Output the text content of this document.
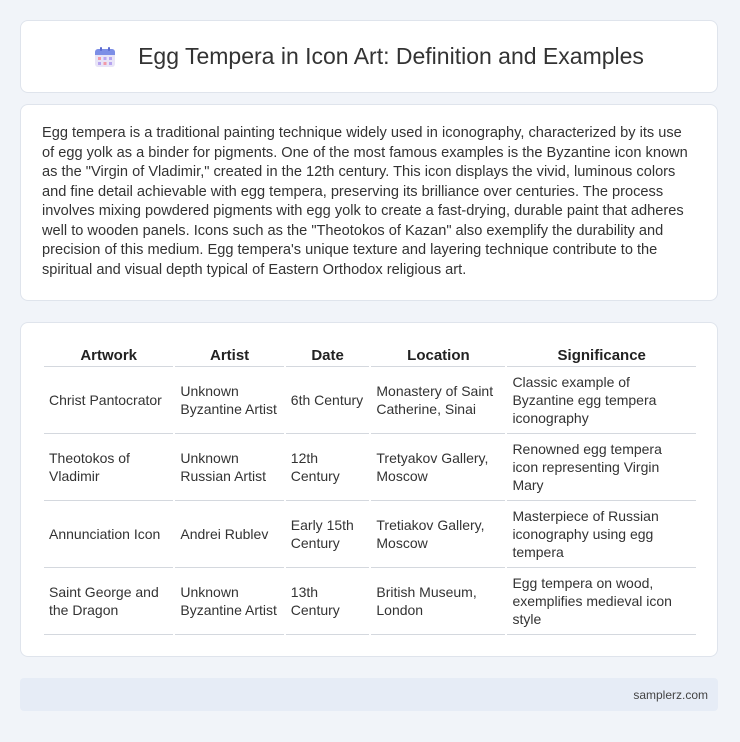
Egg Tempera in Icon Art: Definition and Examples

Egg tempera is a traditional painting technique widely used in iconography, characterized by its use of egg yolk as a binder for pigments. One of the most famous examples is the Byzantine icon known as the "Virgin of Vladimir," created in the 12th century. This icon displays the vivid, luminous colors and fine detail achievable with egg tempera, preserving its brilliance over centuries. The process involves mixing powdered pigments with egg yolk to create a fast-drying, durable paint that adheres well to wooden panels. Icons such as the "Theotokos of Kazan" also exemplify the durability and precision of this medium. Egg tempera's unique texture and layering technique contribute to the spiritual and visual depth typical of Eastern Orthodox religious art.

Artwork	Artist	Date	Location	Significance
Christ Pantocrator	Unknown Byzantine Artist	6th Century	Monastery of Saint Catherine, Sinai	Classic example of Byzantine egg tempera iconography
Theotokos of Vladimir	Unknown Russian Artist	12th Century	Tretyakov Gallery, Moscow	Renowned egg tempera icon representing Virgin Mary
Annunciation Icon	Andrei Rublev	Early 15th Century	Tretiakov Gallery, Moscow	Masterpiece of Russian iconography using egg tempera
Saint George and the Dragon	Unknown Byzantine Artist	13th Century	British Museum, London	Egg tempera on wood, exemplifies medieval icon style
samplerz.com
